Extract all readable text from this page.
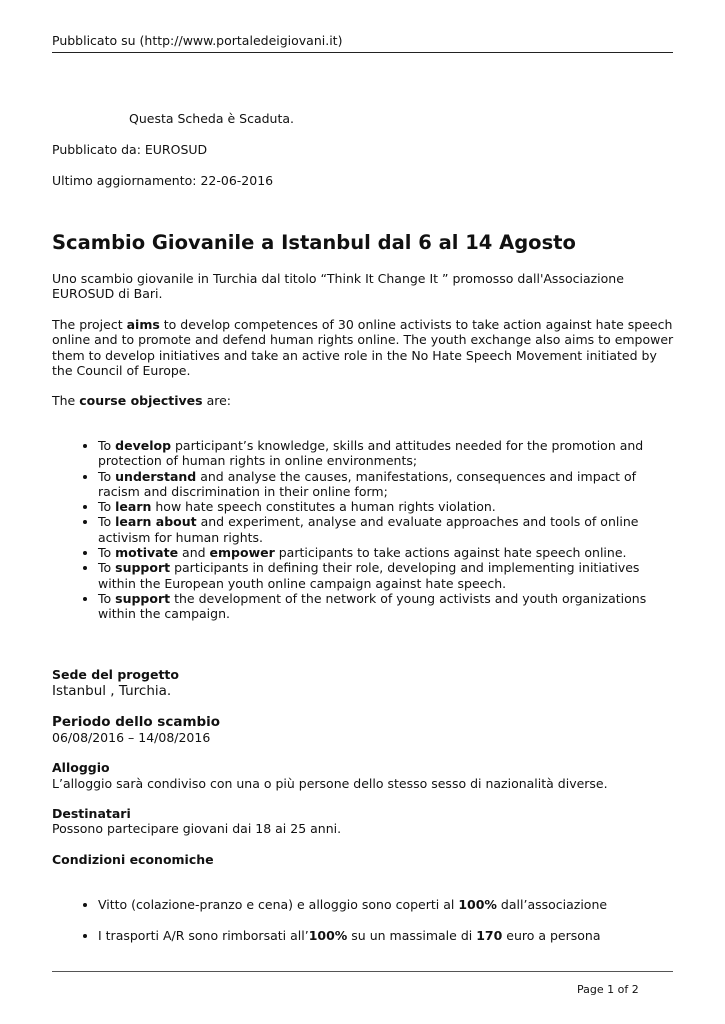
Pubblicato su (http://www.portaledeigiovani.it)
Questa Scheda è Scaduta.
Pubblicato da: EUROSUD
Ultimo aggiornamento: 22-06-2016
Scambio Giovanile a Istanbul dal 6 al 14 Agosto

Uno scambio giovanile in Turchia dal titolo “Think It Change It ” promosso dall'Associazione EUROSUD di Bari.

The project aims to develop competences of 30 online activists to take action against hate speech online and to promote and defend human rights online. The youth exchange also aims to empower them to develop initiatives and take an active role in the No Hate Speech Movement initiated by the Council of Europe.

The course objectives are:

• To develop participant’s knowledge, skills and attitudes needed for the promotion and protection of human rights in online environments;
• To understand and analyse the causes, manifestations, consequences and impact of racism and discrimination in their online form;
• To learn how hate speech constitutes a human rights violation.
• To learn about and experiment, analyse and evaluate approaches and tools of online activism for human rights.
• To motivate and empower participants to take actions against hate speech online.
• To support participants in defining their role, developing and implementing initiatives within the European youth online campaign against hate speech.
• To support the development of the network of young activists and youth organizations within the campaign.
Sede del progetto
Istanbul , Turchia.
Periodo dello scambio
06/08/2016 – 14/08/2016
Alloggio
L’alloggio sarà condiviso con una o più persone dello stesso sesso di nazionalità diverse.
Destinatari
Possono partecipare giovani dai 18 ai 25 anni.
Condizioni economiche
• Vitto (colazione-pranzo e cena) e alloggio sono coperti al 100% dall’associazione
• I trasporti A/R sono rimborsati all’100% su un massimale di 170 euro a persona
Page 1 of 2
